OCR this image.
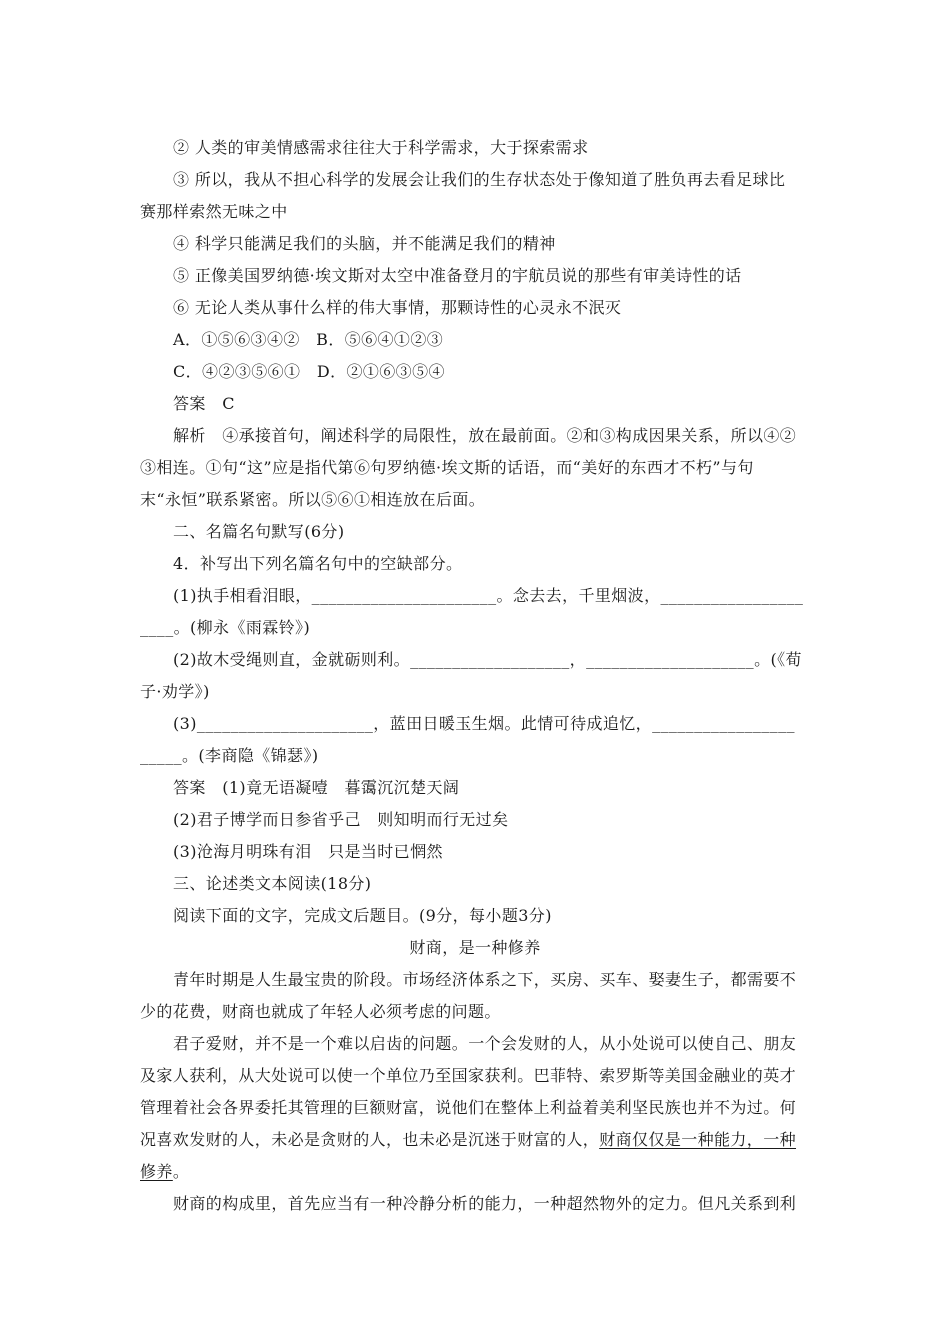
② 人类的审美情感需求往往大于科学需求，大于探索需求
③ 所以，我从不担心科学的发展会让我们的生存状态处于像知道了胜负再去看足球比
赛那样索然无味之中
④ 科学只能满足我们的头脑，并不能满足我们的精神
⑤ 正像美国罗纳德·埃文斯对太空中准备登月的宇航员说的那些有审美诗性的话
⑥ 无论人类从事什么样的伟大事情，那颗诗性的心灵永不泯灭
A．①⑤⑥③④②　B．⑤⑥④①②③
C．④②③⑤⑥①　D．②①⑥③⑤④
答案　C
解析　④承接首句，阐述科学的局限性，放在最前面。②和③构成因果关系，所以④②
③相连。①句“这”应是指代第⑥句罗纳德·埃文斯的话语，而“美好的东西才不朽”与句
末“永恒”联系紧密。所以⑤⑥①相连放在后面。
二、名篇名句默写(6分)
4．补写出下列名篇名句中的空缺部分。
(1)执手相看泪眼，______________________。念去去，千里烟波，_________________
____。(柳永《雨霖铃》)
(2)故木受绳则直，金就砺则利。___________________，____________________。(《荀
子·劝学》)
(3)_____________________，蓝田日暖玉生烟。此情可待成追忆，_________________
_____。(李商隐《锦瑟》)
答案　(1)竟无语凝噎　暮霭沉沉楚天阔
(2)君子博学而日参省乎己　则知明而行无过矣
(3)沧海月明珠有泪　只是当时已惘然
三、论述类文本阅读(18分)
阅读下面的文字，完成文后题目。(9分，每小题3分)
财商，是一种修养
青年时期是人生最宝贵的阶段。市场经济体系之下，买房、买车、娶妻生子，都需要不
少的花费，财商也就成了年轻人必须考虑的问题。
君子爱财，并不是一个难以启齿的问题。一个会发财的人，从小处说可以使自己、朋友
及家人获利，从大处说可以使一个单位乃至国家获利。巴菲特、索罗斯等美国金融业的英才
管理着社会各界委托其管理的巨额财富，说他们在整体上利益着美利坚民族也并不为过。何
况喜欢发财的人，未必是贪财的人，也未必是沉迷于财富的人，财商仅仅是一种能力，一种
修养。
财商的构成里，首先应当有一种冷静分析的能力，一种超然物外的定力。但凡关系到利
